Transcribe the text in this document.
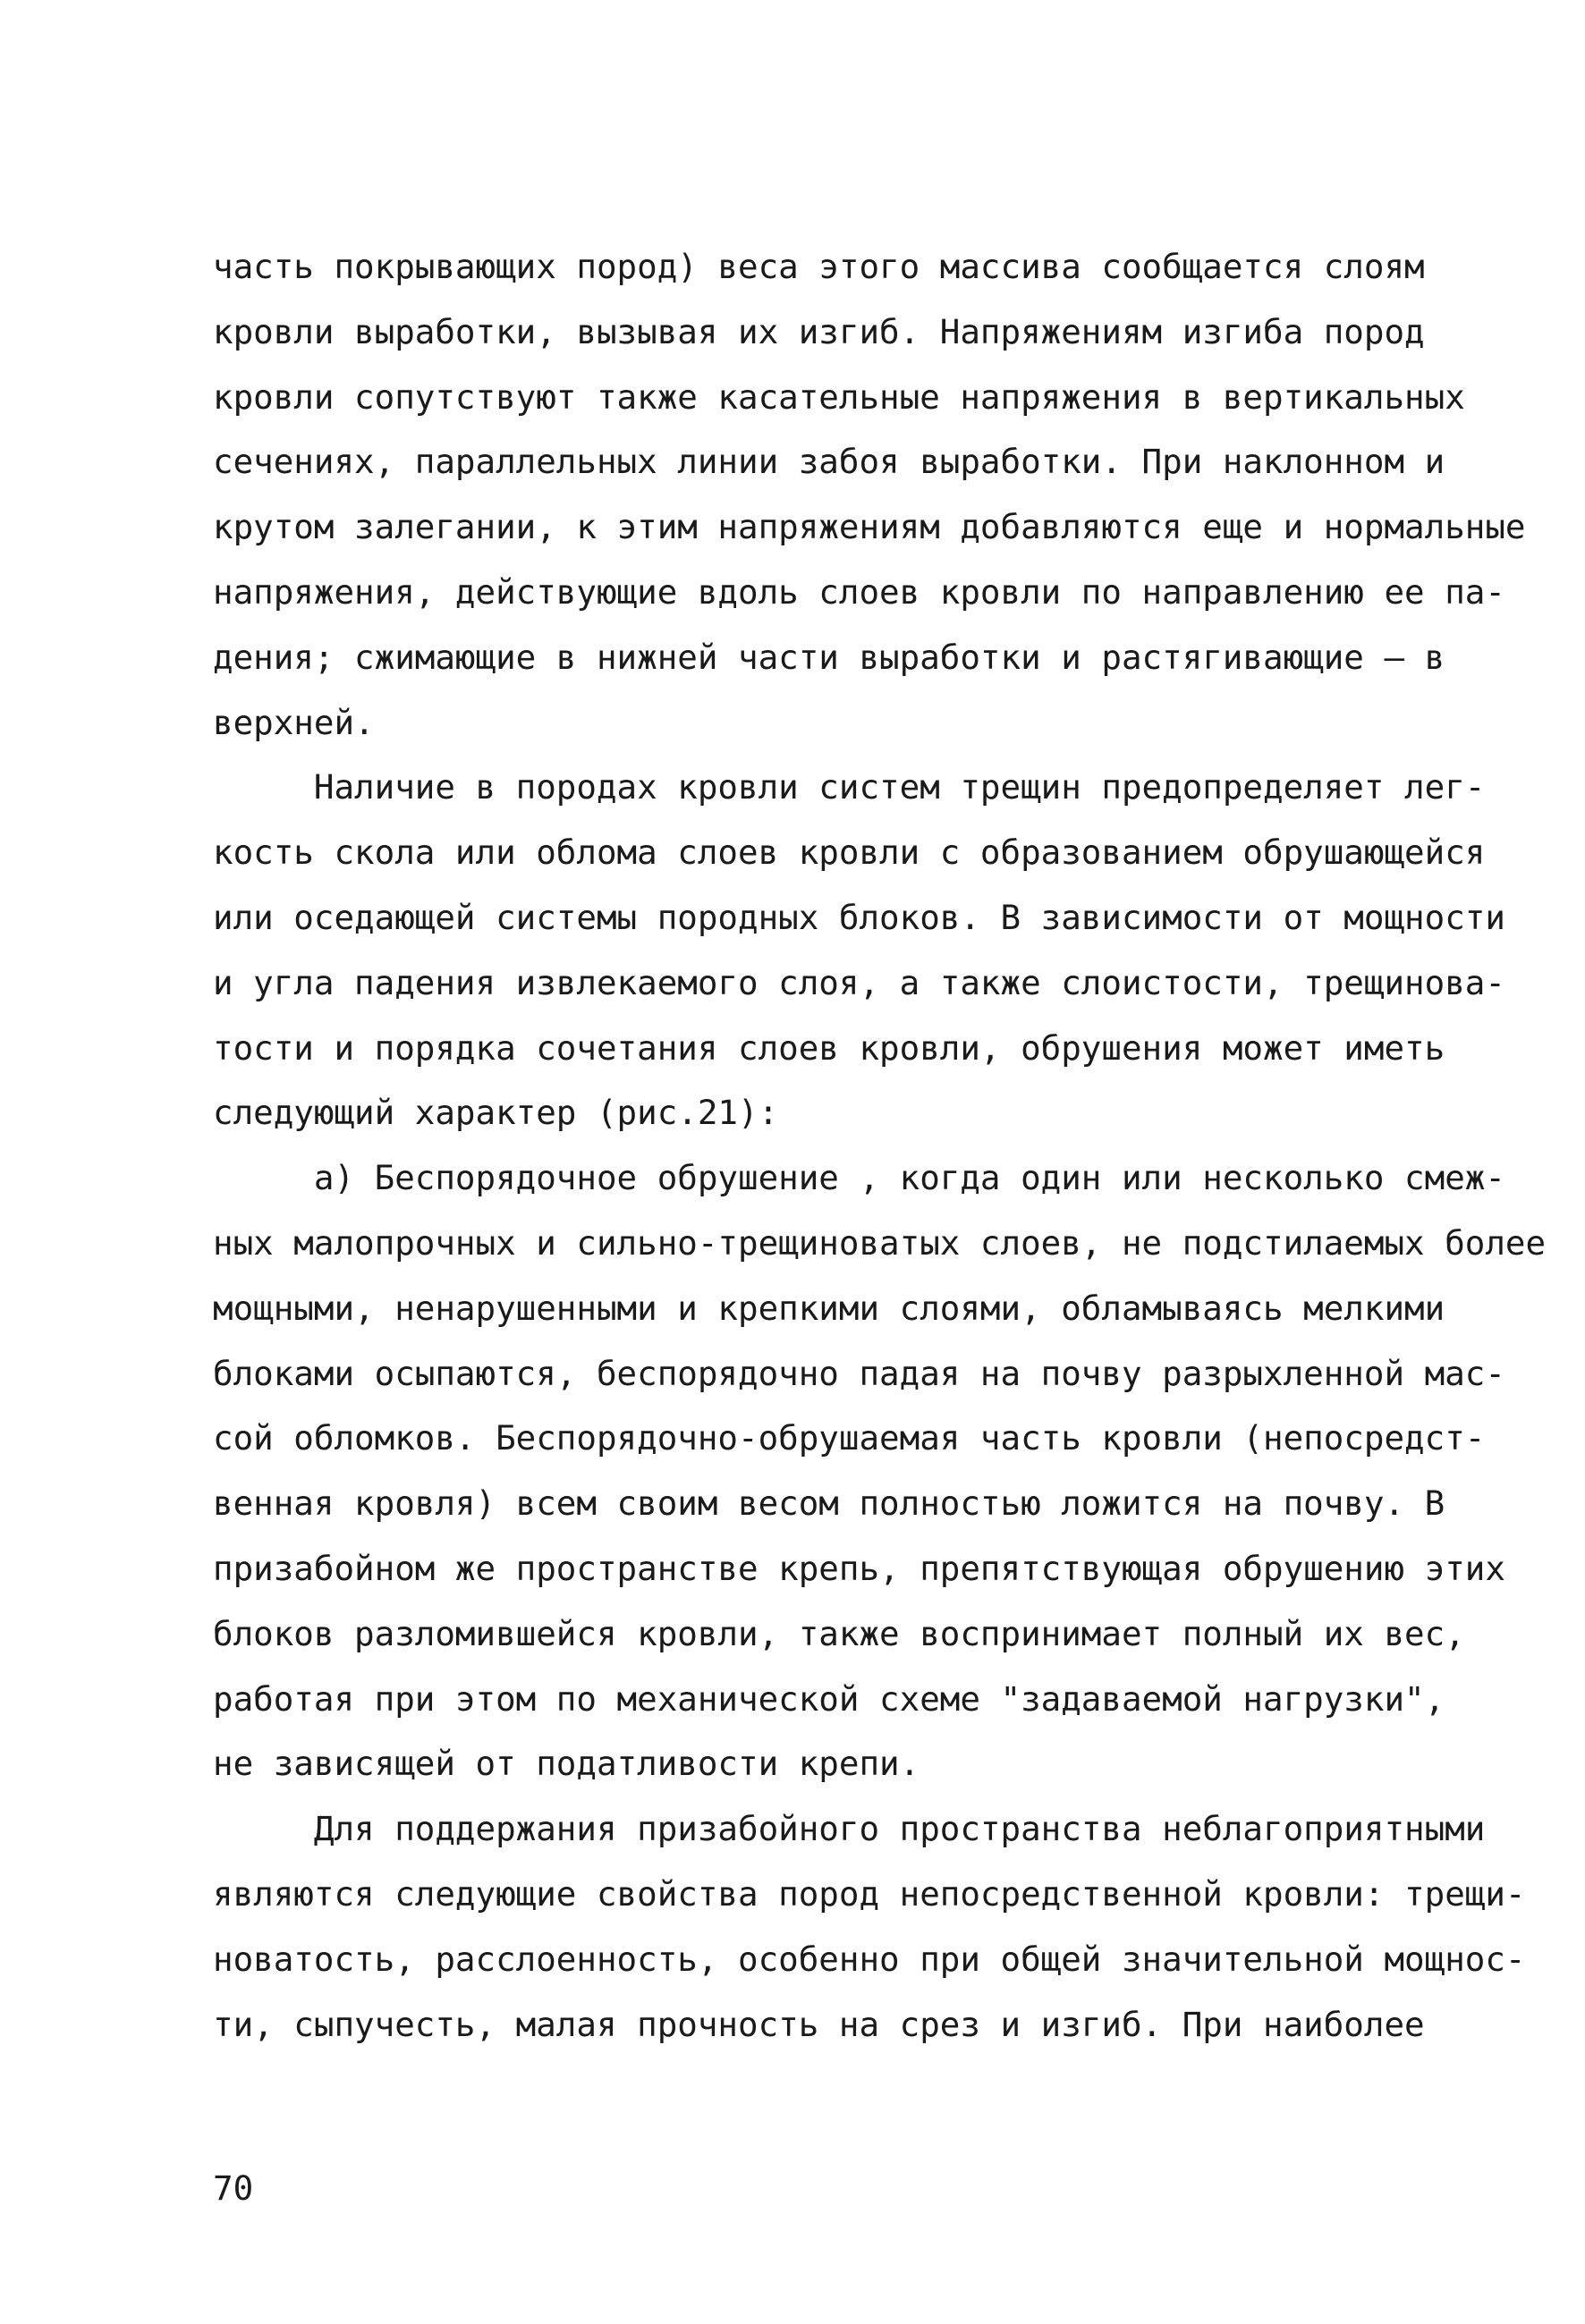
часть покрывающих пород) веса этого массива сообщается слоям
кровли выработки, вызывая их изгиб. Напряжениям изгиба пород
кровли сопутствуют также касательные напряжения в вертикальных
сечениях, параллельных линии забоя выработки. При наклонном и
крутом залегании, к этим напряжениям добавляются еще и нормальные
напряжения, действующие вдоль слоев кровли по направлению ее па-
дения; сжимающие в нижней части выработки и растягивающие – в
верхней.
Наличие в породах кровли систем трещин предопределяет лег-
кость скола или облома слоев кровли с образованием обрушающейся
или оседающей системы породных блоков. В зависимости от мощности
и угла падения извлекаемого слоя, а также слоистости, трещинова-
тости и порядка сочетания слоев кровли, обрушения может иметь
следующий характер (рис.21):
а) Беспорядочное обрушение , когда один или несколько смеж-
ных малопрочных и сильно-трещиноватых слоев, не подстилаемых более
мощными, ненарушенными и крепкими слоями, обламываясь мелкими
блоками осыпаются, беспорядочно падая на почву разрыхленной мас-
сой обломков. Беспорядочно-обрушаемая часть кровли (непосредст-
венная кровля) всем своим весом полностью ложится на почву. В
призабойном же пространстве крепь, препятствующая обрушению этих
блоков разломившейся кровли, также воспринимает полный их вес,
работая при этом по механической схеме "задаваемой нагрузки",
не зависящей от податливости крепи.
Для поддержания призабойного пространства неблагоприятными
являются следующие свойства пород непосредственной кровли: трещи-
новатость, расслоенность, особенно при общей значительной мощнос-
ти, сыпучесть, малая прочность на срез и изгиб. При наиболее
70
